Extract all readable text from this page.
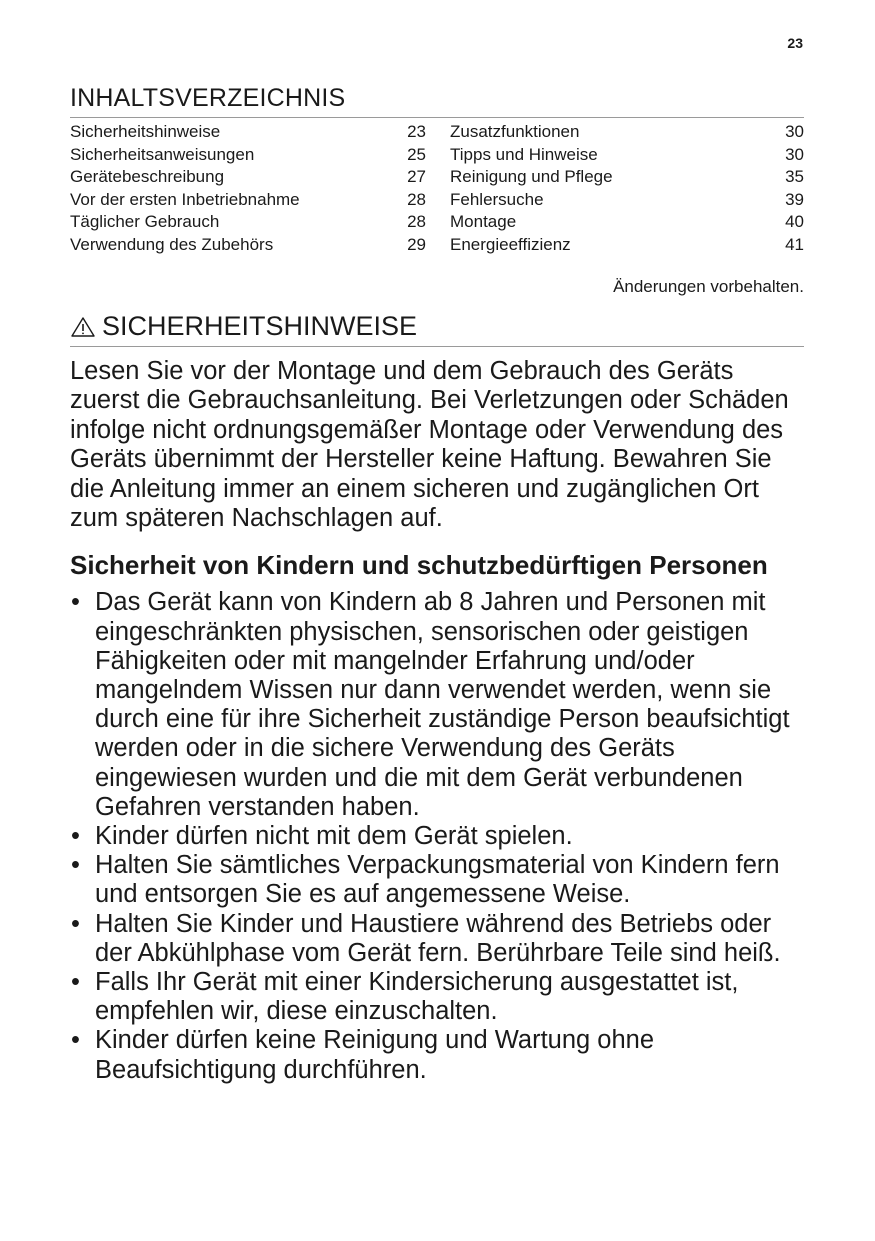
23
INHALTSVERZEICHNIS
Sicherheitshinweise	23
Sicherheitsanweisungen	25
Gerätebeschreibung	27
Vor der ersten Inbetriebnahme	28
Täglicher Gebrauch	28
Verwendung des Zubehörs	29
Zusatzfunktionen	30
Tipps und Hinweise	30
Reinigung und Pflege	35
Fehlersuche	39
Montage	40
Energieeffizienz	41
Änderungen vorbehalten.
SICHERHEITSHINWEISE

Lesen Sie vor der Montage und dem Gebrauch des Geräts zuerst die Gebrauchsanleitung. Bei Verletzungen oder Schäden infolge nicht ordnungsgemäßer Montage oder Verwendung des Geräts übernimmt der Hersteller keine Haftung. Bewahren Sie die Anleitung immer an einem sicheren und zugänglichen Ort zum späteren Nachschlagen auf.

Sicherheit von Kindern und schutzbedürftigen Personen
• Das Gerät kann von Kindern ab 8 Jahren und Personen mit eingeschränkten physischen, sensorischen oder geistigen Fähigkeiten oder mit mangelnder Erfahrung und/oder mangelndem Wissen nur dann verwendet werden, wenn sie durch eine für ihre Sicherheit zuständige Person beaufsichtigt werden oder in die sichere Verwendung des Geräts eingewiesen wurden und die mit dem Gerät verbundenen Gefahren verstanden haben.
• Kinder dürfen nicht mit dem Gerät spielen.
• Halten Sie sämtliches Verpackungsmaterial von Kindern fern und entsorgen Sie es auf angemessene Weise.
• Halten Sie Kinder und Haustiere während des Betriebs oder der Abkühlphase vom Gerät fern. Berührbare Teile sind heiß.
• Falls Ihr Gerät mit einer Kindersicherung ausgestattet ist, empfehlen wir, diese einzuschalten.
• Kinder dürfen keine Reinigung und Wartung ohne Beaufsichtigung durchführen.
